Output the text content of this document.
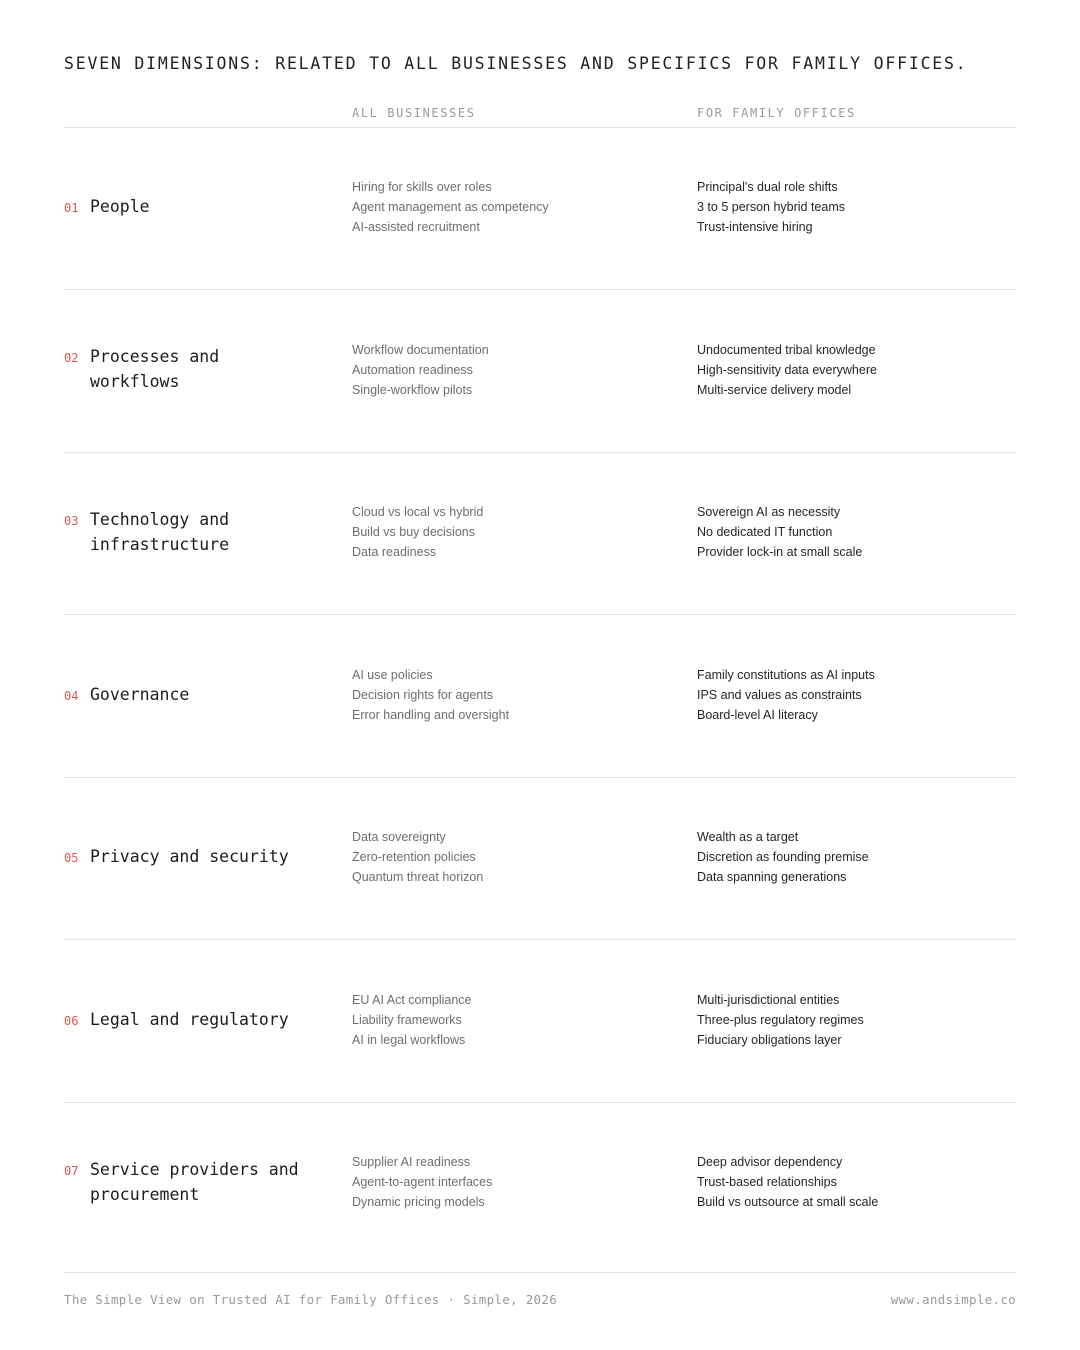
SEVEN DIMENSIONS: RELATED TO ALL BUSINESSES AND SPECIFICS FOR FAMILY OFFICES.
ALL BUSINESSES	FOR FAMILY OFFICES
01 People
Hiring for skills over roles
Agent management as competency
AI-assisted recruitment
Principal's dual role shifts
3 to 5 person hybrid teams
Trust-intensive hiring
02 Processes and workflows
Workflow documentation
Automation readiness
Single-workflow pilots
Undocumented tribal knowledge
High-sensitivity data everywhere
Multi-service delivery model
03 Technology and infrastructure
Cloud vs local vs hybrid
Build vs buy decisions
Data readiness
Sovereign AI as necessity
No dedicated IT function
Provider lock-in at small scale
04 Governance
AI use policies
Decision rights for agents
Error handling and oversight
Family constitutions as AI inputs
IPS and values as constraints
Board-level AI literacy
05 Privacy and security
Data sovereignty
Zero-retention policies
Quantum threat horizon
Wealth as a target
Discretion as founding premise
Data spanning generations
06 Legal and regulatory
EU AI Act compliance
Liability frameworks
AI in legal workflows
Multi-jurisdictional entities
Three-plus regulatory regimes
Fiduciary obligations layer
07 Service providers and procurement
Supplier AI readiness
Agent-to-agent interfaces
Dynamic pricing models
Deep advisor dependency
Trust-based relationships
Build vs outsource at small scale
The Simple View on Trusted AI for Family Offices · Simple, 2026	www.andsimple.co
